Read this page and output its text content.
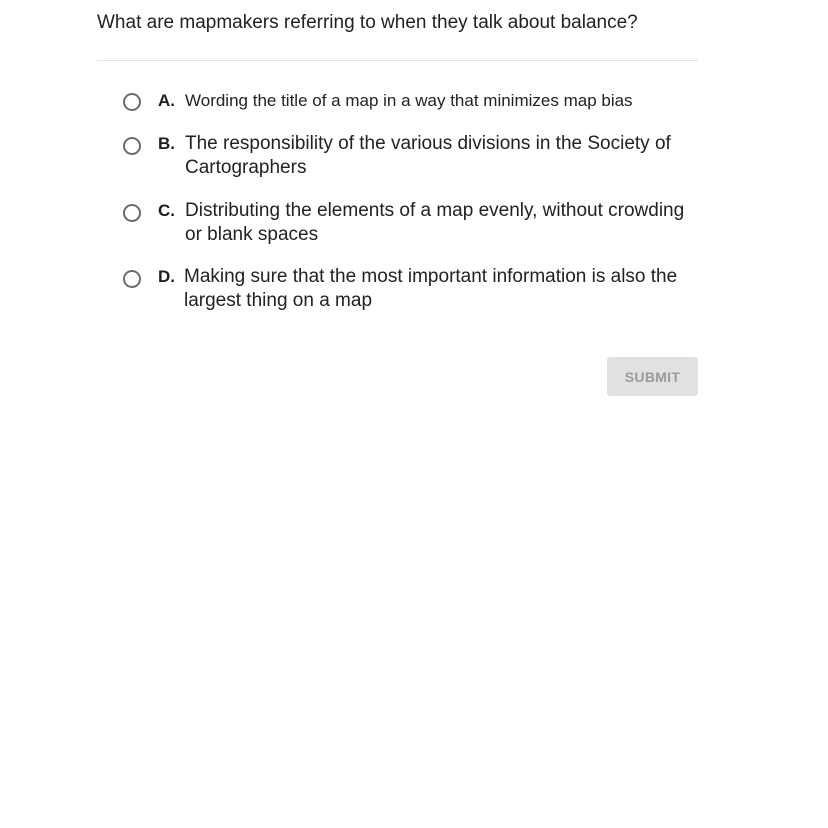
What are mapmakers referring to when they talk about balance?
A. Wording the title of a map in a way that minimizes map bias
B. The responsibility of the various divisions in the Society of Cartographers
C. Distributing the elements of a map evenly, without crowding or blank spaces
D. Making sure that the most important information is also the largest thing on a map
SUBMIT
